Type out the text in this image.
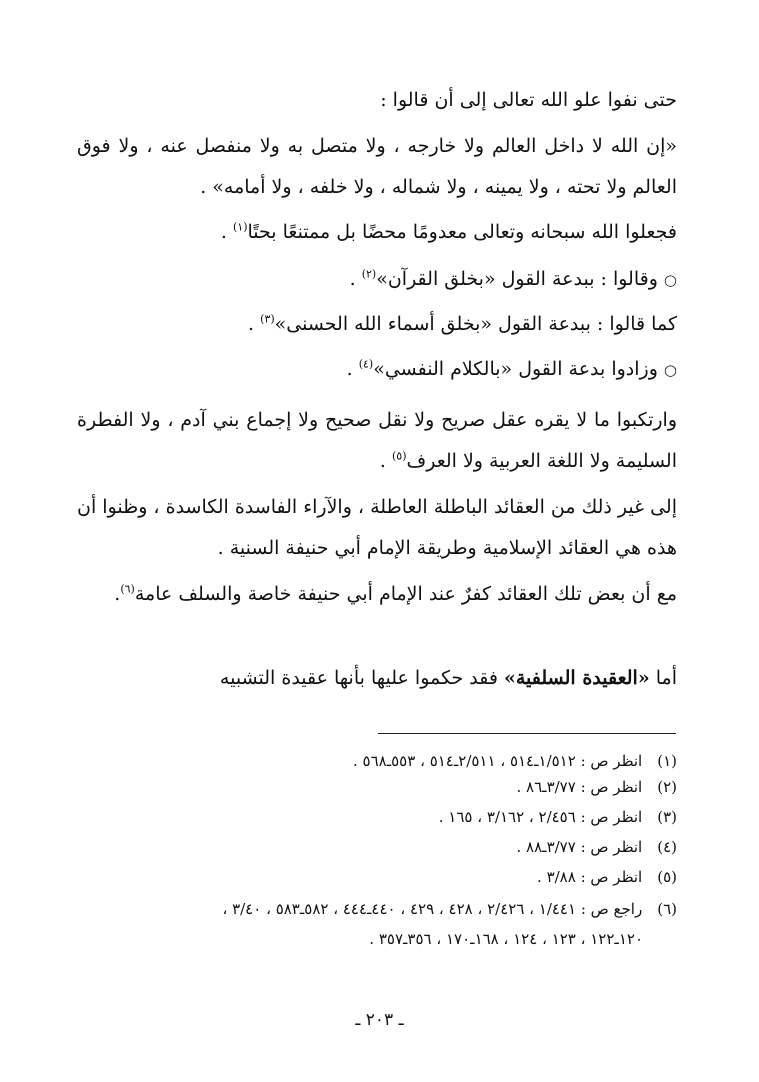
حتى نفوا علو الله تعالى إلى أن قالوا :

«إن الله لا داخل العالم ولا خارجه ، ولا متصل به ولا منفصل عنه ، ولا فوق العالم ولا تحته ، ولا يمينه ، ولا شماله ، ولا خلفه ، ولا أمامه» .

فجعلوا الله سبحانه وتعالى معدومًا محضًا بل ممتنعًا بحتًا$^{(١)}$ .

○وقالوا : ببدعة القول «بخلق القرآن»$^{(٢)}$ .

كما قالوا : ببدعة القول «بخلق أسماء الله الحسنى»$^{(٣)}$ .

○وزادوا بدعة القول «بالكلام النفسي»$^{(٤)}$ .

وارتكبوا ما لا يقره عقل صريح ولا نقل صحيح ولا إجماع بني آدم ، ولا الفطرة السليمة ولا اللغة العربية ولا العرف$^{(٥)}$ .

إلى غير ذلك من العقائد الباطلة العاطلة ، والآراء الفاسدة الكاسدة ، وظنوا أن هذه هي العقائد الإسلامية وطريقة الإمام أبي حنيفة السنية .

مع أن بعض تلك العقائد كفرٌ عند الإمام أبي حنيفة خاصة والسلف عامة$^{(٦)}$.

أما «العقيدة السلفية» فقد حكموا عليها بأنها عقيدة التشبيه

(١) انظر ص : ١/٥١٢ـ٥١٤ ، ٢/٥١١ـ٥١٤ ، ٥٥٣ـ٥٦٨ .

(٢) انظر ص : ٣/٧٧ـ٨٦ .

(٣) انظر ص : ٢/٤٥٦ ، ٣/١٦٢ ، ١٦٥ .

(٤) انظر ص : ٣/٧٧ـ٨٨ .

(٥) انظر ص : ٣/٨٨ .

(٦) راجع ص : ١/٤٤١ ، ٢/٤٢٦ ، ٤٢٨ ، ٤٢٩ ، ٤٤٠ـ٤٤٤ ، ٥٨٢ـ٥٨٣ ، ٣/٤٠ ،

١٢٠ـ١٢٢ ، ١٢٣ ، ١٢٤ ، ١٦٨ـ١٧٠ ، ٣٥٦ـ٣٥٧ .

ـ ٢٠٣ ـ
